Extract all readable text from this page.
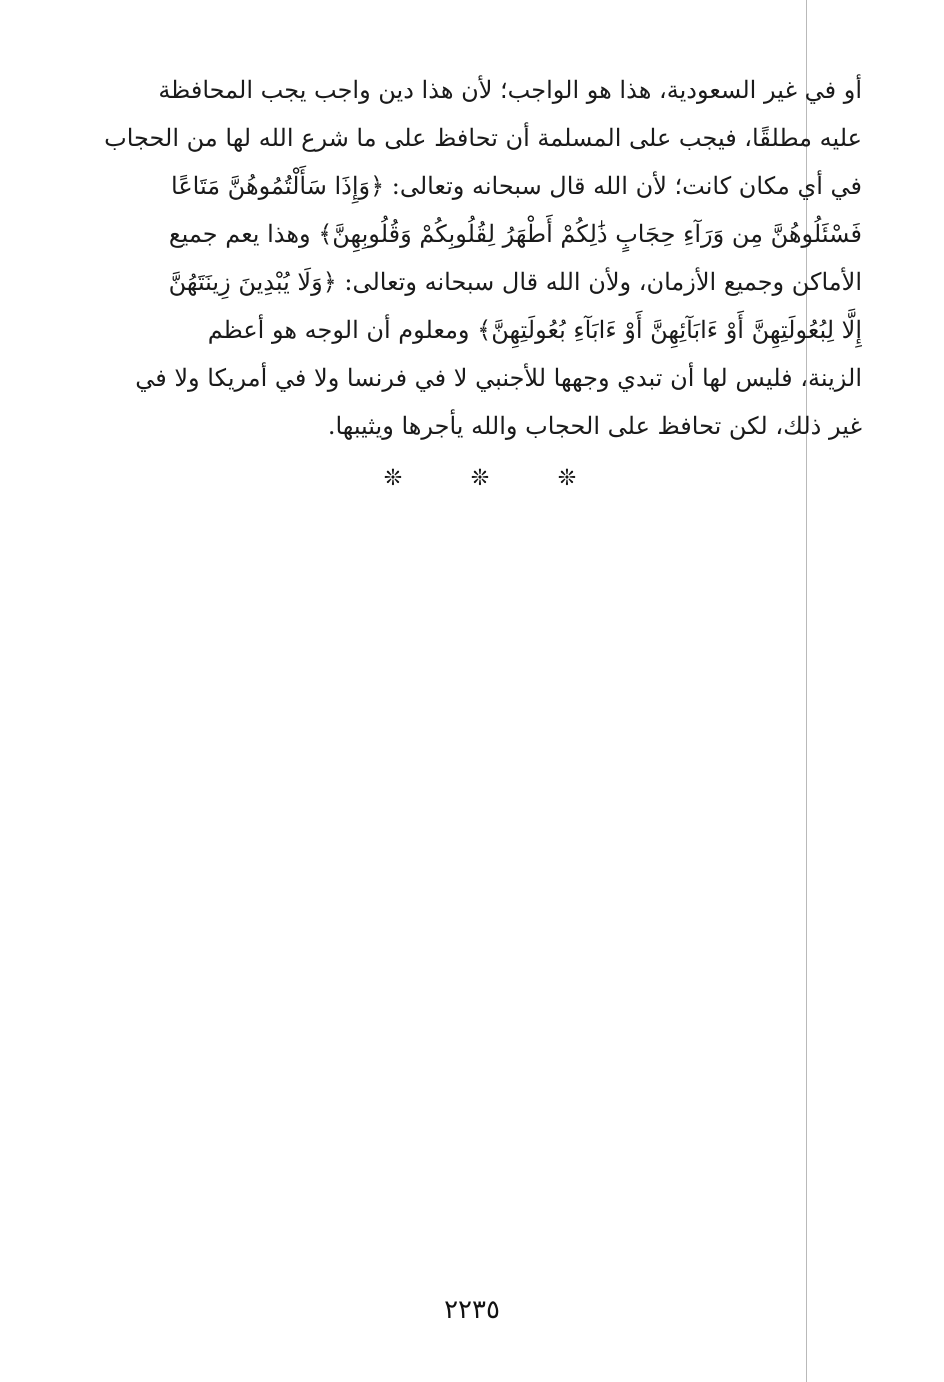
أو في غير السعودية، هذا هو الواجب؛ لأن هذا دين واجب يجب المحافظة
عليه مطلقًا، فيجب على المسلمة أن تحافظ على ما شرع الله لها من الحجاب
في أي مكان كانت؛ لأن الله قال سبحانه وتعالى: ﴿وَإِذَا سَأَلْتُمُوهُنَّ مَتَاعًا
فَسْئَلُوهُنَّ مِن وَرَآءِ حِجَابٍ ذَٰلِكُمْ أَطْهَرُ لِقُلُوبِكُمْ وَقُلُوبِهِنَّ﴾ وهذا يعم جميع
الأماكن وجميع الأزمان، ولأن الله قال سبحانه وتعالى: ﴿وَلَا يُبْدِينَ زِينَتَهُنَّ
إِلَّا لِبُعُولَتِهِنَّ أَوْ ءَابَآئِهِنَّ أَوْ ءَابَآءِ بُعُولَتِهِنَّ﴾ ومعلوم أن الوجه هو أعظم
الزينة، فليس لها أن تبدي وجهها للأجنبي لا في فرنسا ولا في أمريكا ولا في
غير ذلك، لكن تحافظ على الحجاب والله يأجرها ويثيبها.
❊	❊	❊
٢٢٣٥
